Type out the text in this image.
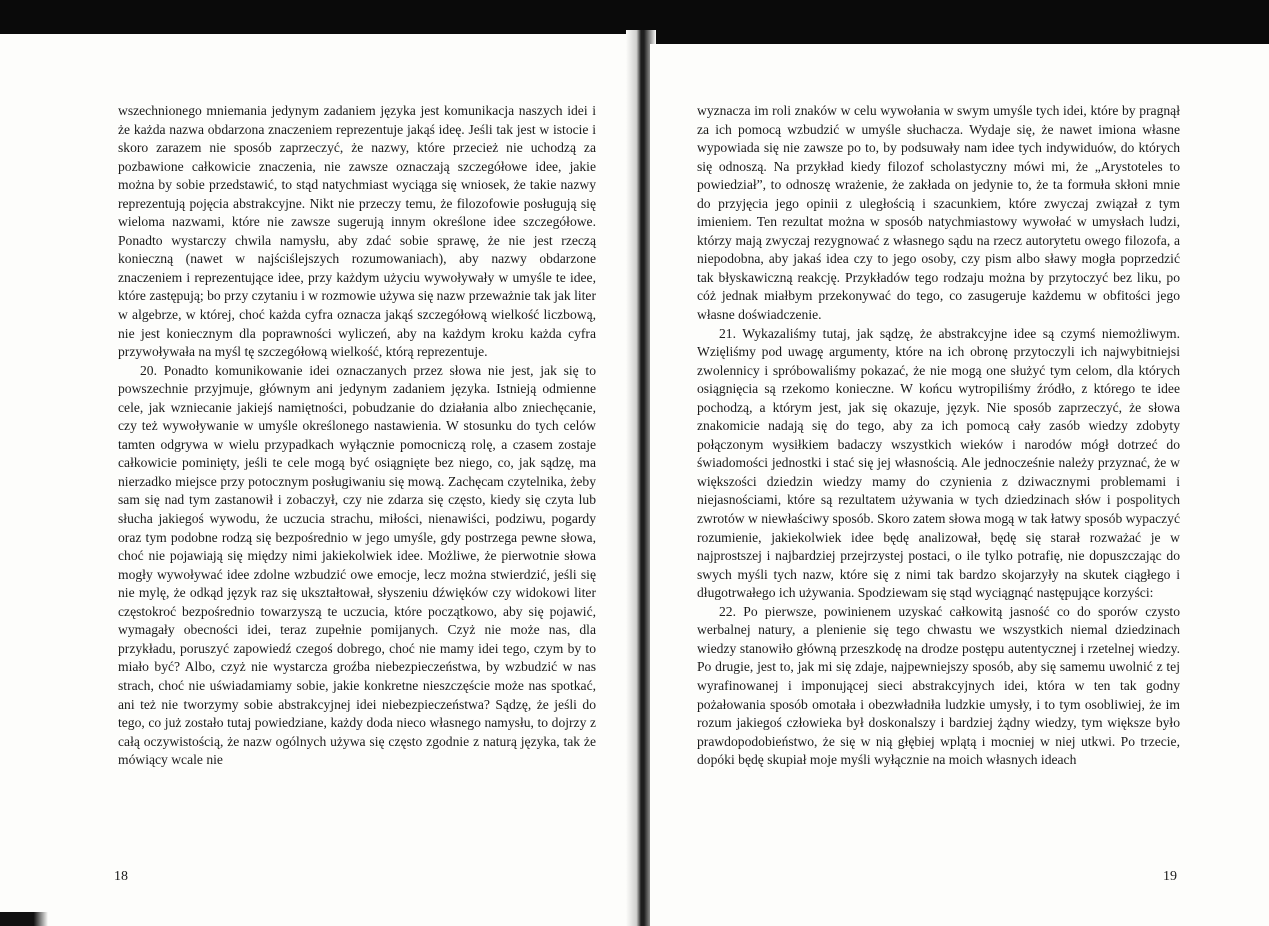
wszechnionego mniemania jedynym zadaniem języka jest komunikacja naszych idei i że każda nazwa obdarzona znaczeniem reprezentuje jakąś ideę. Jeśli tak jest w istocie i skoro zarazem nie sposób zaprzeczyć, że nazwy, które przecież nie uchodzą za pozbawione całkowicie znaczenia, nie zawsze oznaczają szczegółowe idee, jakie można by sobie przedstawić, to stąd natychmiast wyciąga się wniosek, że takie nazwy reprezentują pojęcia abstrakcyjne. Nikt nie przeczy temu, że filozofowie posługują się wieloma nazwami, które nie zawsze sugerują innym określone idee szczegółowe. Ponadto wystarczy chwila namysłu, aby zdać sobie sprawę, że nie jest rzeczą konieczną (nawet w najściślejszych rozumowaniach), aby nazwy obdarzone znaczeniem i reprezentujące idee, przy każdym użyciu wywoływały w umyśle te idee, które zastępują; bo przy czytaniu i w rozmowie używa się nazw przeważnie tak jak liter w algebrze, w której, choć każda cyfra oznacza jakąś szczegółową wielkość liczbową, nie jest koniecznym dla poprawności wyliczeń, aby na każdym kroku każda cyfra przywoływała na myśl tę szczegółową wielkość, którą reprezentuje.

20. Ponadto komunikowanie idei oznaczanych przez słowa nie jest, jak się to powszechnie przyjmuje, głównym ani jedynym zadaniem języka. Istnieją odmienne cele, jak wzniecanie jakiejś namiętności, pobudzanie do działania albo zniechęcanie, czy też wywoływanie w umyśle określonego nastawienia. W stosunku do tych celów tamten odgrywa w wielu przypadkach wyłącznie pomocniczą rolę, a czasem zostaje całkowicie pominięty, jeśli te cele mogą być osiągnięte bez niego, co, jak sądzę, ma nierzadko miejsce przy potocznym posługiwaniu się mową. Zachęcam czytelnika, żeby sam się nad tym zastanowił i zobaczył, czy nie zdarza się często, kiedy się czyta lub słucha jakiegoś wywodu, że uczucia strachu, miłości, nienawiści, podziwu, pogardy oraz tym podobne rodzą się bezpośrednio w jego umyśle, gdy postrzega pewne słowa, choć nie pojawiają się między nimi jakiekolwiek idee. Możliwe, że pierwotnie słowa mogły wywoływać idee zdolne wzbudzić owe emocje, lecz można stwierdzić, jeśli się nie mylę, że odkąd język raz się ukształtował, słyszeniu dźwięków czy widokowi liter częstokroć bezpośrednio towarzyszą te uczucia, które początkowo, aby się pojawić, wymagały obecności idei, teraz zupełnie pomijanych. Czyż nie może nas, dla przykładu, poruszyć zapowiedź czegoś dobrego, choć nie mamy idei tego, czym by to miało być? Albo, czyż nie wystarcza groźba niebezpieczeństwa, by wzbudzić w nas strach, choć nie uświadamiamy sobie, jakie konkretne nieszczęście może nas spotkać, ani też nie tworzymy sobie abstrakcyjnej idei niebezpieczeństwa? Sądzę, że jeśli do tego, co już zostało tutaj powiedziane, każdy doda nieco własnego namysłu, to dojrzy z całą oczywistością, że nazw ogólnych używa się często zgodnie z naturą języka, tak że mówiący wcale nie

18

wyznacza im roli znaków w celu wywołania w swym umyśle tych idei, które by pragnął za ich pomocą wzbudzić w umyśle słuchacza. Wydaje się, że nawet imiona własne wypowiada się nie zawsze po to, by podsuwały nam idee tych indywiduów, do których się odnoszą. Na przykład kiedy filozof scholastyczny mówi mi, że „Arystoteles to powiedział”, to odnoszę wrażenie, że zakłada on jedynie to, że ta formuła skłoni mnie do przyjęcia jego opinii z uległością i szacunkiem, które zwyczaj związał z tym imieniem. Ten rezultat można w sposób natychmiastowy wywołać w umysłach ludzi, którzy mają zwyczaj rezygnować z własnego sądu na rzecz autorytetu owego filozofa, a niepodobna, aby jakaś idea czy to jego osoby, czy pism albo sławy mogła poprzedzić tak błyskawiczną reakcję. Przykładów tego rodzaju można by przytoczyć bez liku, po cóż jednak miałbym przekonywać do tego, co zasugeruje każdemu w obfitości jego własne doświadczenie.

21. Wykazaliśmy tutaj, jak sądzę, że abstrakcyjne idee są czymś niemożliwym. Wzięliśmy pod uwagę argumenty, które na ich obronę przytoczyli ich najwybitniejsi zwolennicy i spróbowaliśmy pokazać, że nie mogą one służyć tym celom, dla których osiągnięcia są rzekomo konieczne. W końcu wytropiliśmy źródło, z którego te idee pochodzą, a którym jest, jak się okazuje, język. Nie sposób zaprzeczyć, że słowa znakomicie nadają się do tego, aby za ich pomocą cały zasób wiedzy zdobyty połączonym wysiłkiem badaczy wszystkich wieków i narodów mógł dotrzeć do świadomości jednostki i stać się jej własnością. Ale jednocześnie należy przyznać, że w większości dziedzin wiedzy mamy do czynienia z dziwacznymi problemami i niejasnościami, które są rezultatem używania w tych dziedzinach słów i pospolitych zwrotów w niewłaściwy sposób. Skoro zatem słowa mogą w tak łatwy sposób wypaczyć rozumienie, jakiekolwiek idee będę analizował, będę się starał rozważać je w najprostszej i najbardziej przejrzystej postaci, o ile tylko potrafię, nie dopuszczając do swych myśli tych nazw, które się z nimi tak bardzo skojarzyły na skutek ciągłego i długotrwałego ich używania. Spodziewam się stąd wyciągnąć następujące korzyści:

22. Po pierwsze, powinienem uzyskać całkowitą jasność co do sporów czysto werbalnej natury, a plenienie się tego chwastu we wszystkich niemal dziedzinach wiedzy stanowiło główną przeszkodę na drodze postępu autentycznej i rzetelnej wiedzy. Po drugie, jest to, jak mi się zdaje, najpewniejszy sposób, aby się samemu uwolnić z tej wyrafinowanej i imponującej sieci abstrakcyjnych idei, która w ten tak godny pożałowania sposób omotała i obezwładniła ludzkie umysły, i to tym osobliwiej, że im rozum jakiegoś człowieka był doskonalszy i bardziej żądny wiedzy, tym większe było prawdopodobieństwo, że się w nią głębiej wplątą i mocniej w niej utkwi. Po trzecie, dopóki będę skupiał moje myśli wyłącznie na moich własnych ideach

19
